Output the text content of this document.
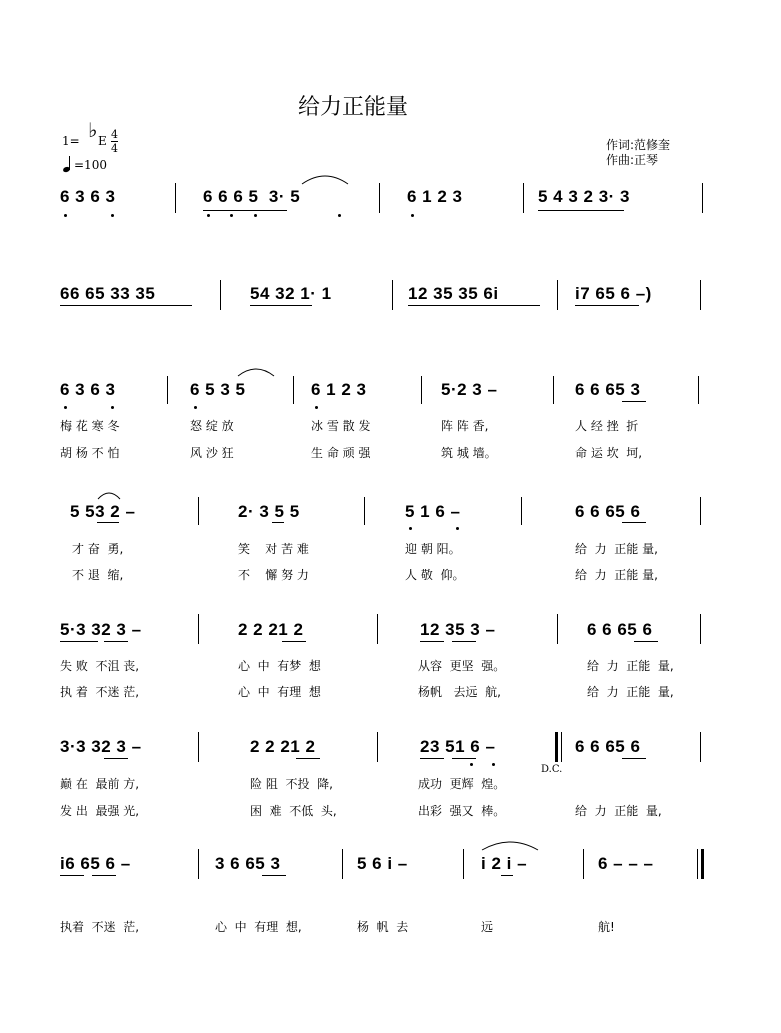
给力正能量
1= ♭ E 4
4
=100
作词:范修奎
作曲:正琴
6 3 6 3	6 6 6 5  3· 5	6 1 2 3	5 4 3 2 3· 3
66 65 33 35	54 32 1· 1	12 35 35 6i	i7 65 6 –)
6 3 6 3	6 5 3 5	6 1 2 3	5·2 3 –	6 6 65 3
梅 花 寒 冬	怒 绽 放	冰 雪 散 发	阵 阵 香,	人 经 挫  折
胡 杨 不 怕	风 沙 狂	生 命 顽 强	筑 城 墙。	命 运 坎  坷,
5 53 2 –	2· 3 5 5	5 1 6 –	6 6 65 6
才 奋  勇,	笑    对 苦 难	迎 朝 阳。	给  力  正能 量,
不 退  缩,	不    懈 努 力	人 敬  仰。	给  力  正能 量,
5·3 32 3 –	2 2 21 2	12 35 3 –	6 6 65 6
失 败  不沮 丧,	心  中  有梦  想	从容  更坚  强。	给  力  正能  量,
执 着  不迷 茫,	心  中  有理  想	杨帆   去远  航,	给  力  正能  量,
3·3 32 3 –	2 2 21 2	23 51 6 –	6 6 65 6
D.C.
巅 在  最前 方,	险 阻  不投  降,	成功  更辉  煌。
发 出  最强 光,	困  难  不低  头,	出彩  强又  棒。	给  力  正能  量,
i6 65 6 –	3 6 65 3	5 6 i –	i 2 i –	6 – – –
执着  不迷  茫,	心  中  有理  想,	杨  帆  去	远	航!
